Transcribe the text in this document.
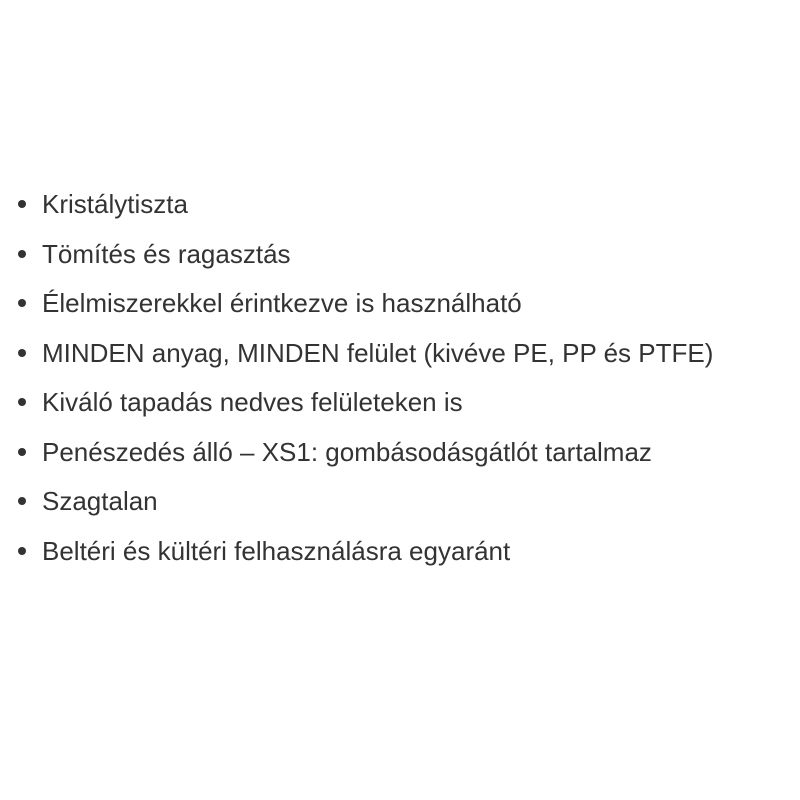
Kristálytiszta
Tömítés és ragasztás
Élelmiszerekkel érintkezve is használható
MINDEN anyag, MINDEN felület (kivéve PE, PP és PTFE)
Kiváló tapadás nedves felületeken is
Penészedés álló – XS1: gombásodásgátlót tartalmaz
Szagtalan
Beltéri és kültéri felhasználásra egyaránt
